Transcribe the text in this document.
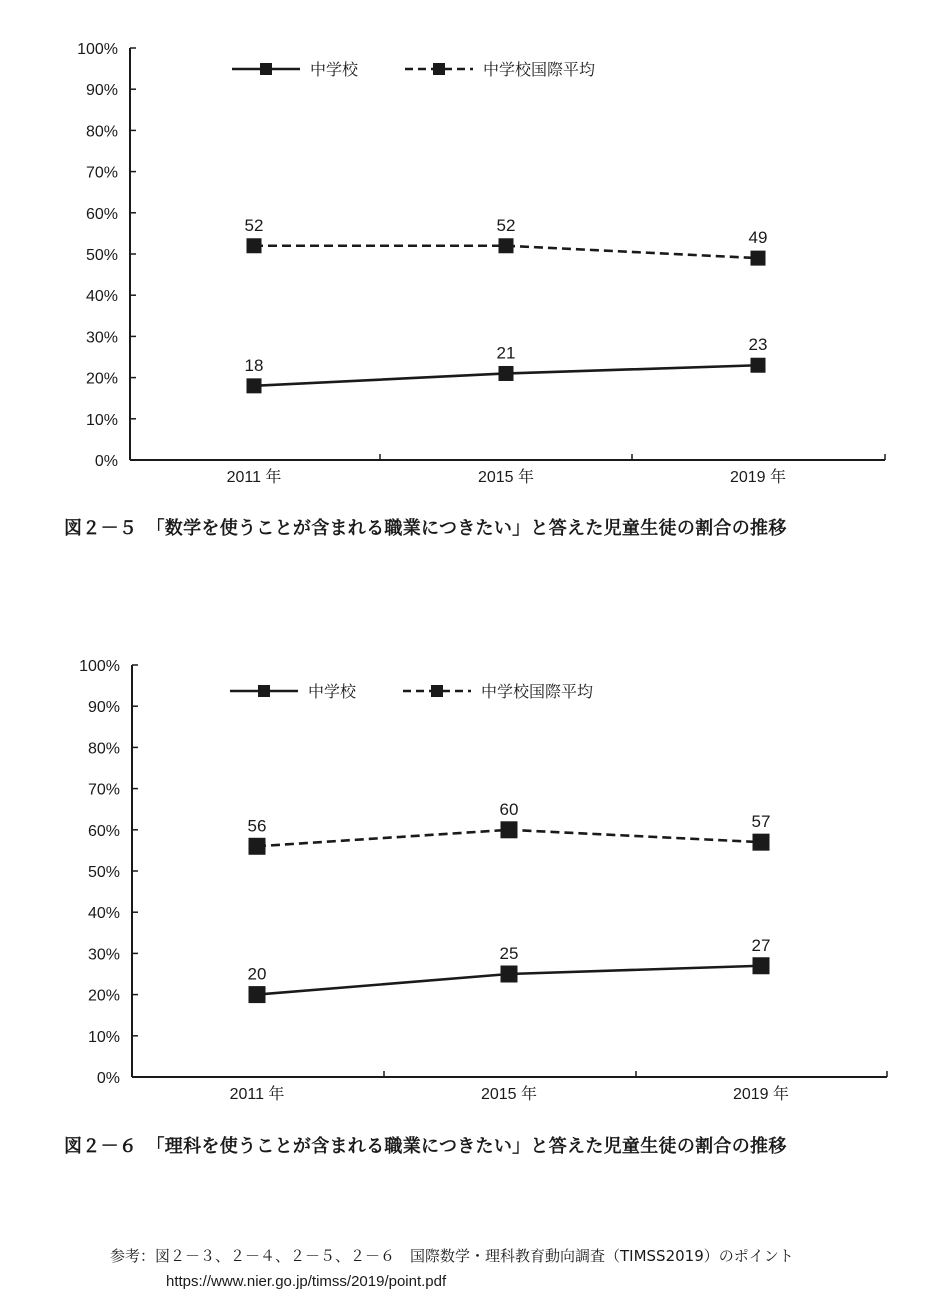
0%
10%
20%
30%
40%
50%
60%
70%
80%
90%
100%
2011 年	2015 年	2019 年
18
21	23
52	52
49
中学校	中学校国際平均
図２－５　「数学を使うことが含まれる職業につきたい」と答えた児童生徒の割合の推移
0%
10%
20%
30%
40%
50%
60%
70%
80%
90%
100%
2011 年	2015 年	2019 年
20
25	27
56
60
57
中学校	中学校国際平均
図２－６　「理科を使うことが含まれる職業につきたい」と答えた児童生徒の割合の推移
参考：図２－３、２－４、２－５、２－６　国際数学・理科教育動向調査（TIMSS2019）のポイント
https://www.nier.go.jp/timss/2019/point.pdf
